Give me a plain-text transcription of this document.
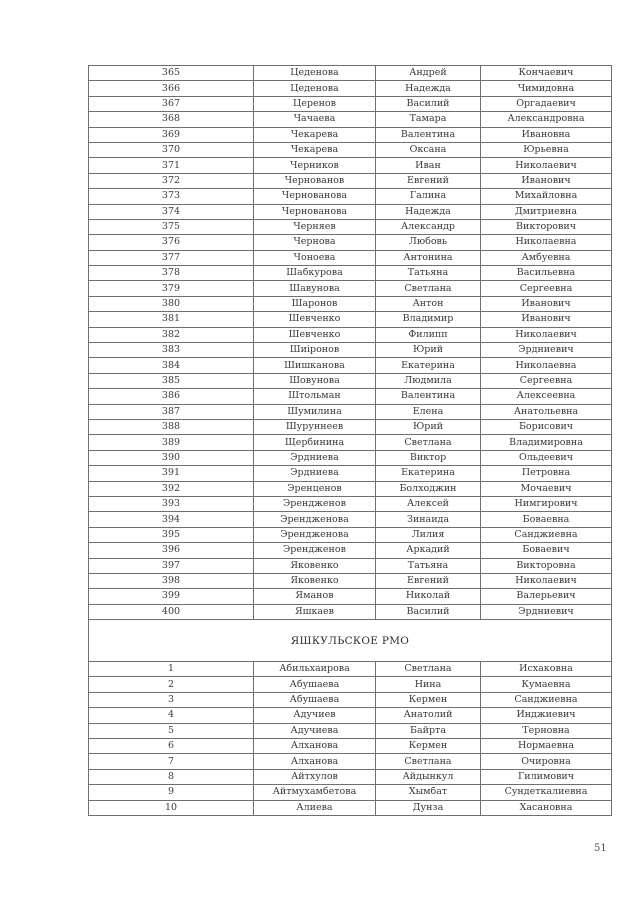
365	Цеденова	Андрей	Кончаевич
366	Цеденова	Надежда	Чимидовна
367	Церенов	Василий	Оргадаевич
368	Чачаева	Тамара	Александровна
369	Чекарева	Валентина	Ивановна
370	Чекарева	Оксана	Юрьевна
371	Черников	Иван	Николаевич
372	Чернованов	Евгений	Иванович
373	Чернованова	Галина	Михайловна
374	Чернованова	Надежда	Дмитриевна
375	Черняев	Александр	Викторович
376	Чернова	Любовь	Николаевна
377	Чоноева	Антонина	Амбуевна
378	Шабкурова	Татьяна	Васильевна
379	Шавунова	Светлана	Сергеевна
380	Шаронов	Антон	Иванович
381	Шевченко	Владимир	Иванович
382	Шевченко	Филипп	Николаевич
383	Шиіронов	Юрий	Эрдниевич
384	Шишканова	Екатерина	Николаевна
385	Шовунова	Людмила	Сергеевна
386	Штольман	Валентина	Алексеевна
387	Шумилина	Елена	Анатольевна
388	Шуруннеев	Юрий	Борисович
389	Щербинина	Светлана	Владимировна
390	Эрдниева	Виктор	Ольдеевич
391	Эрдниева	Екатерина	Петровна
392	Эренценов	Болходжин	Мочаевич
393	Эрендженов	Алексей	Нимгирович
394	Эрендженова	Зинаида	Боваевна
395	Эрендженова	Лилия	Санджиевна
396	Эрендженов	Аркадий	Боваевич
397	Яковенко	Татьяна	Викторовна
398	Яковенко	Евгений	Николаевич
399	Яманов	Николай	Валерьевич
400	Яшкаев	Василий	Эрдниевич
ЯШКУЛЬСКОЕ РМО			
1	Абильхаирова	Светлана	Исхаковна
2	Абушаева	Нина	Кумаевна
3	Абушаева	Кермен	Санджиевна
4	Адучиев	Анатолий	Инджиевич
5	Адучиева	Байрта	Терновна
6	Алханова	Кермен	Нормаевна
7	Алханова	Светлана	Очировна
8	Айтхулов	Айдынкул	Гилимович
9	Айтмухамбетова	Хымбат	Сундеткалиевна
10	Алиева	Дунза	Хасановна
51
